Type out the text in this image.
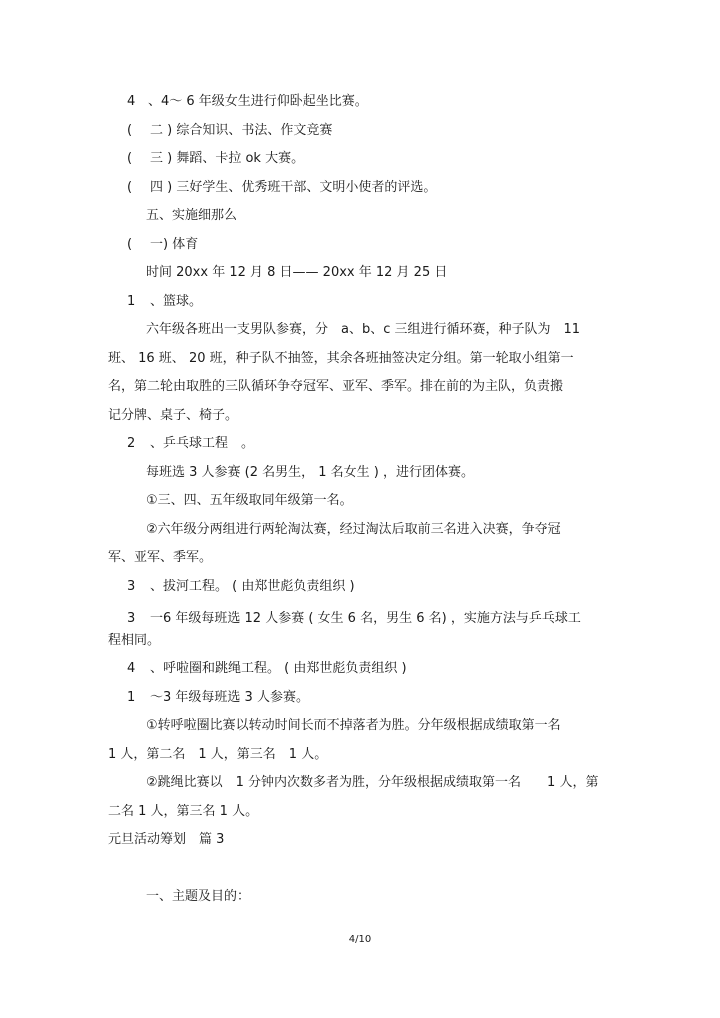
4 、4～ 6 年级女生进行仰卧起坐比赛。
( 二 ) 综合知识、书法、作文竞赛
( 三 ) 舞蹈、卡拉 ok 大赛。
( 四 ) 三好学生、优秀班干部、文明小使者的评选。
五、实施细那么
( 一) 体育
时间 20xx 年 12 月 8 日—— 20xx 年 12 月 25 日
1 、篮球。
六年级各班出一支男队参赛，分　a、b、c 三组进行循环赛，种子队为　11
班、 16 班、 20 班，种子队不抽签，其余各班抽签决定分组。第一轮取小组第一
名，第二轮由取胜的三队循环争夺冠军、亚军、季军。排在前的为主队，负责搬
记分牌、桌子、椅子。
2 、乒乓球工程　。
每班选 3 人参赛 (2 名男生， 1 名女生 ) ，进行团体赛。
①三、四、五年级取同年级第一名。
②六年级分两组进行两轮淘汰赛，经过淘汰后取前三名进入决赛，争夺冠
军、亚军、季军。
3 、拔河工程。 ( 由郑世彪负责组织 )
3 一6 年级每班选 12 人参赛 ( 女生 6 名，男生 6 名) ，实施方法与乒乓球工
程相同。
4 、呼啦圈和跳绳工程。 ( 由郑世彪负责组织 )
1 ～3 年级每班选 3 人参赛。
①转呼啦圈比赛以转动时间长而不掉落者为胜。分年级根据成绩取第一名
1 人，第二名　1 人，第三名　1 人。
②跳绳比赛以　1 分钟内次数多者为胜，分年级根据成绩取第一名　　1 人，第
二名 1 人，第三名 1 人。
元旦活动筹划　篇 3
一、主题及目的：
4/10
